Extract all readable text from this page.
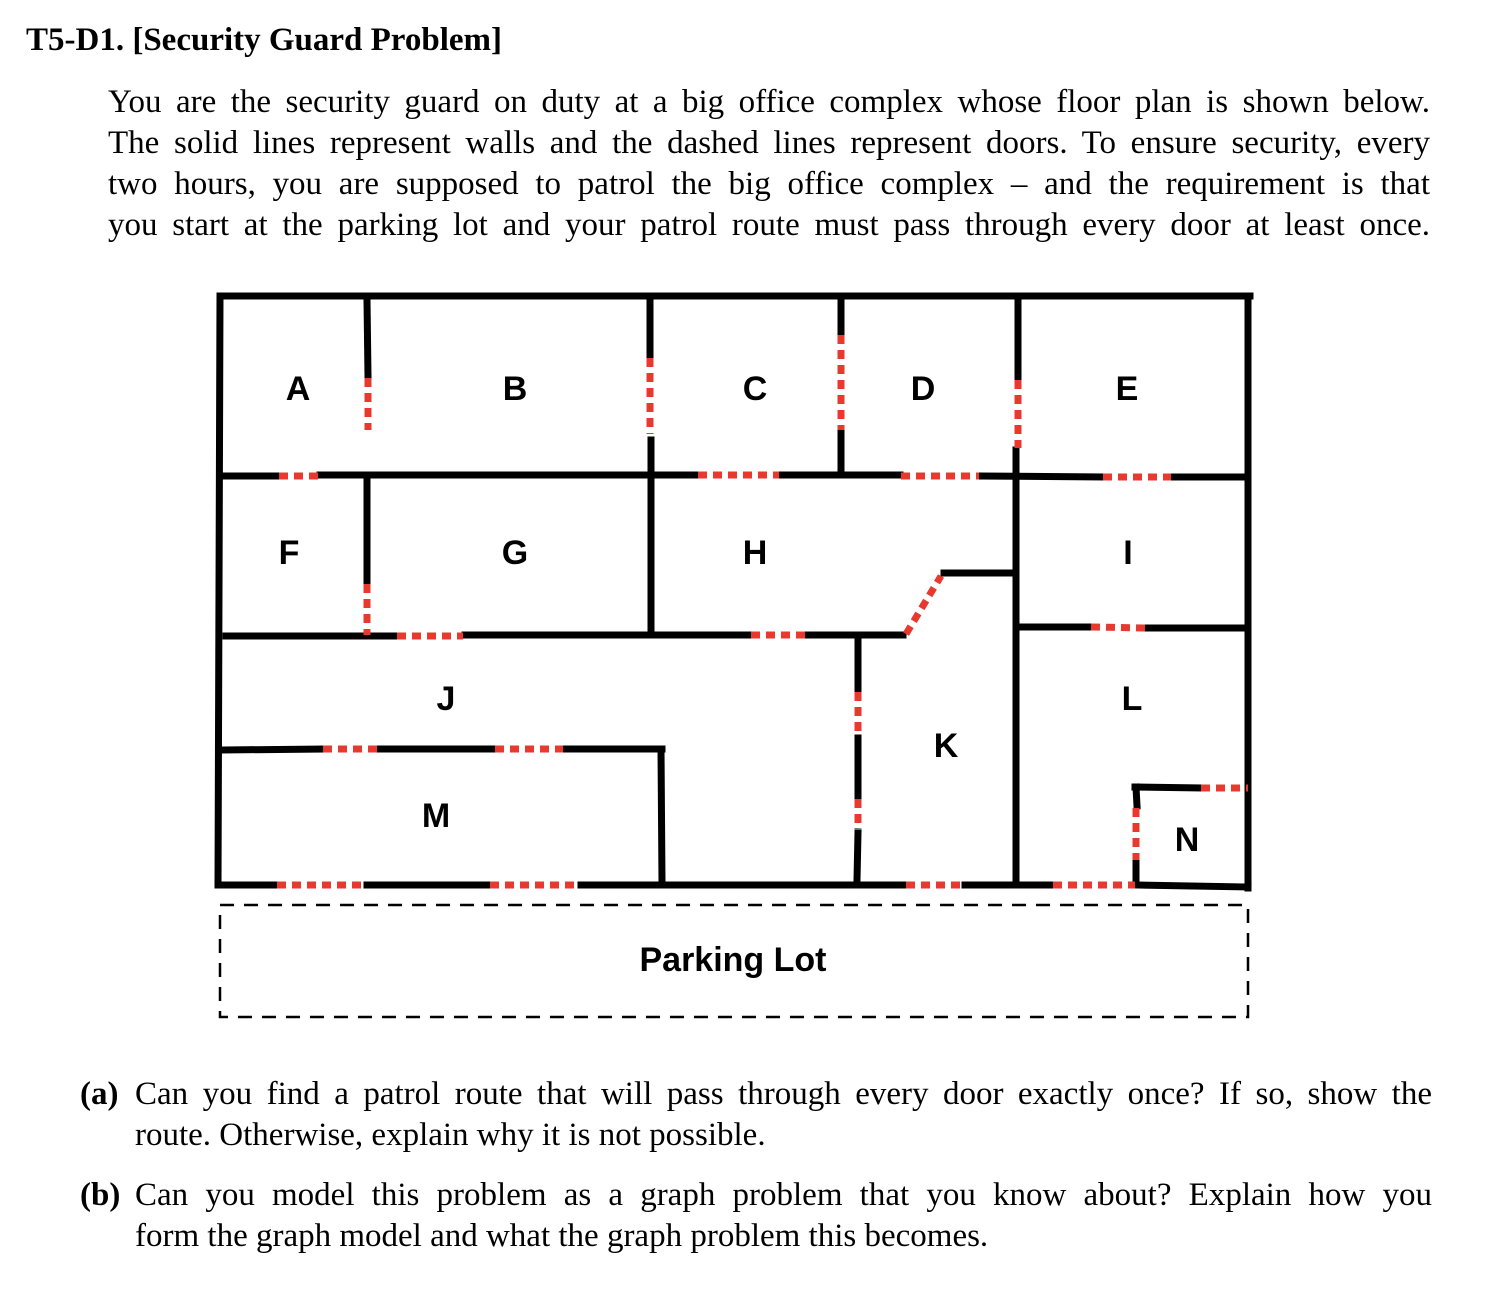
T5-D1. [Security Guard Problem]
You are the security guard on duty at a big office complex whose floor plan is shown below.
The solid lines represent walls and the dashed lines represent doors. To ensure security, every
two hours, you are supposed to patrol the big office complex – and the requirement is that
you start at the parking lot and your patrol route must pass through every door at least once.
A	B	C	D	E
F	G	H	I
J
K
L
M
N
Parking Lot
(a) Can you find a patrol route that will pass through every door exactly once? If so, show the
route. Otherwise, explain why it is not possible.
(b) Can you model this problem as a graph problem that you know about? Explain how you
form the graph model and what the graph problem this becomes.
